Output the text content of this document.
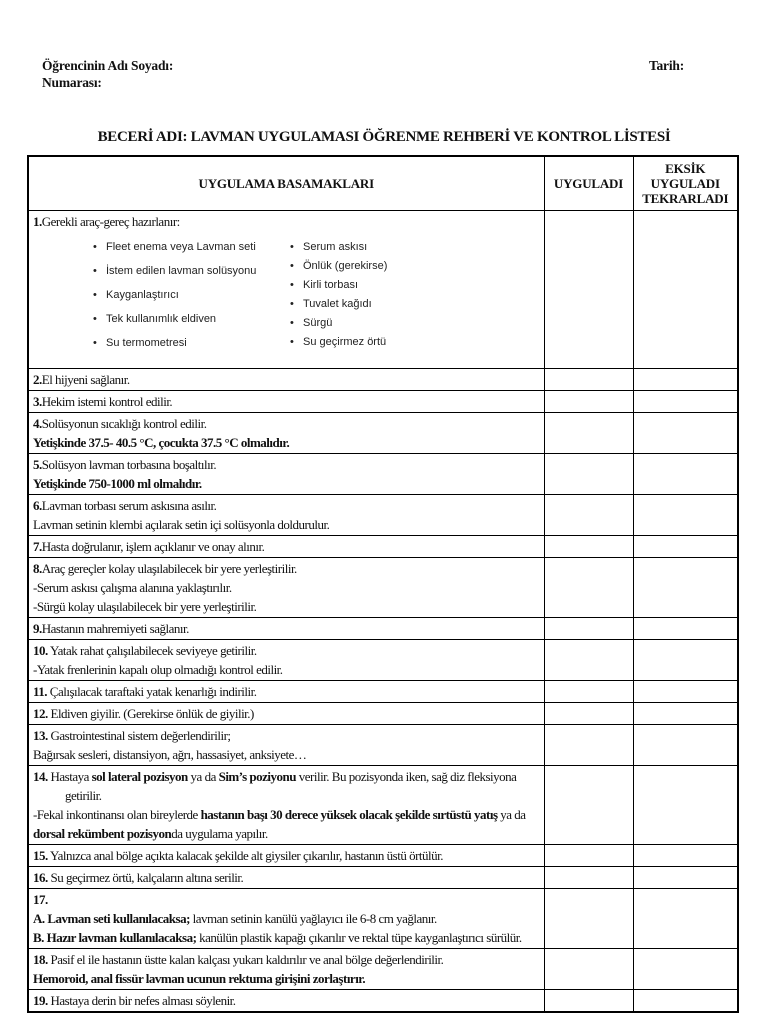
Öğrencinin Adı Soyadı:
Numarası:
Tarih:
BECERİ ADI: LAVMAN UYGULAMASI ÖĞRENME REHBERİ VE KONTROL LİSTESİ
UYGULAMA BASAMAKLARI	UYGULADI	EKSİK UYGULADI TEKRARLADI

1.Gerekli araç-gereç hazırlanır:
• Fleet enema veya Lavman seti
• İstem edilen lavman solüsyonu
• Kayganlaştırıcı
• Tek kullanımlık eldiven
• Su termometresi
• Serum askısı
• Önlük (gerekirse)
• Kirli torbası
• Tuvalet kağıdı
• Sürgü
• Su geçirmez örtü

2.El hijyeni sağlanır.		

3.Hekim istemi kontrol edilir.		

4.Solüsyonun sıcaklığı kontrol edilir.
Yetişkinde 37.5- 40.5 °C, çocukta 37.5 °C olmalıdır.		

5.Solüsyon lavman torbasına boşaltılır.
Yetişkinde 750-1000 ml olmalıdır.		

6.Lavman torbası serum askısına asılır.
Lavman setinin klembi açılarak setin içi solüsyonla doldurulur.		

7.Hasta doğrulanır, işlem açıklanır ve onay alınır.		

8.Araç gereçler kolay ulaşılabilecek bir yere yerleştirilir.
-Serum askısı çalışma alanına yaklaştırılır.
-Sürgü kolay ulaşılabilecek bir yere yerleştirilir.		

9.Hastanın mahremiyeti sağlanır.		

10. Yatak rahat çalışılabilecek seviyeye getirilir.
-Yatak frenlerinin kapalı olup olmadığı kontrol edilir.		

11. Çalışılacak taraftaki yatak kenarlığı indirilir.		

12. Eldiven giyilir. (Gerekirse önlük de giyilir.)		

13. Gastrointestinal sistem değerlendirilir;
Bağırsak sesleri, distansiyon, ağrı, hassasiyet, anksiyete…		

14. Hastaya sol lateral pozisyon ya da Sim’s poziyonu verilir. Bu pozisyonda iken, sağ diz fleksiyona getirilir.
-Fekal inkontinansı olan bireylerde hastanın başı 30 derece yüksek olacak şekilde sırtüstü yatış ya da dorsal rekümbent pozisyonda uygulama yapılır.		

15. Yalnızca anal bölge açıkta kalacak şekilde alt giysiler çıkarılır, hastanın üstü örtülür.		

16. Su geçirmez örtü, kalçaların altına serilir.		

17.
A. Lavman seti kullanılacaksa; lavman setinin kanülü yağlayıcı ile 6-8 cm yağlanır.
B. Hazır lavman kullanılacaksa; kanülün plastik kapağı çıkarılır ve rektal tüpe kayganlaştırıcı sürülür.		

18. Pasif el ile hastanın üstte kalan kalçası yukarı kaldırılır ve anal bölge değerlendirilir.
Hemoroid, anal fissür lavman ucunun rektuma girişini zorlaştırır.		

19. Hastaya derin bir nefes alması söylenir.		
